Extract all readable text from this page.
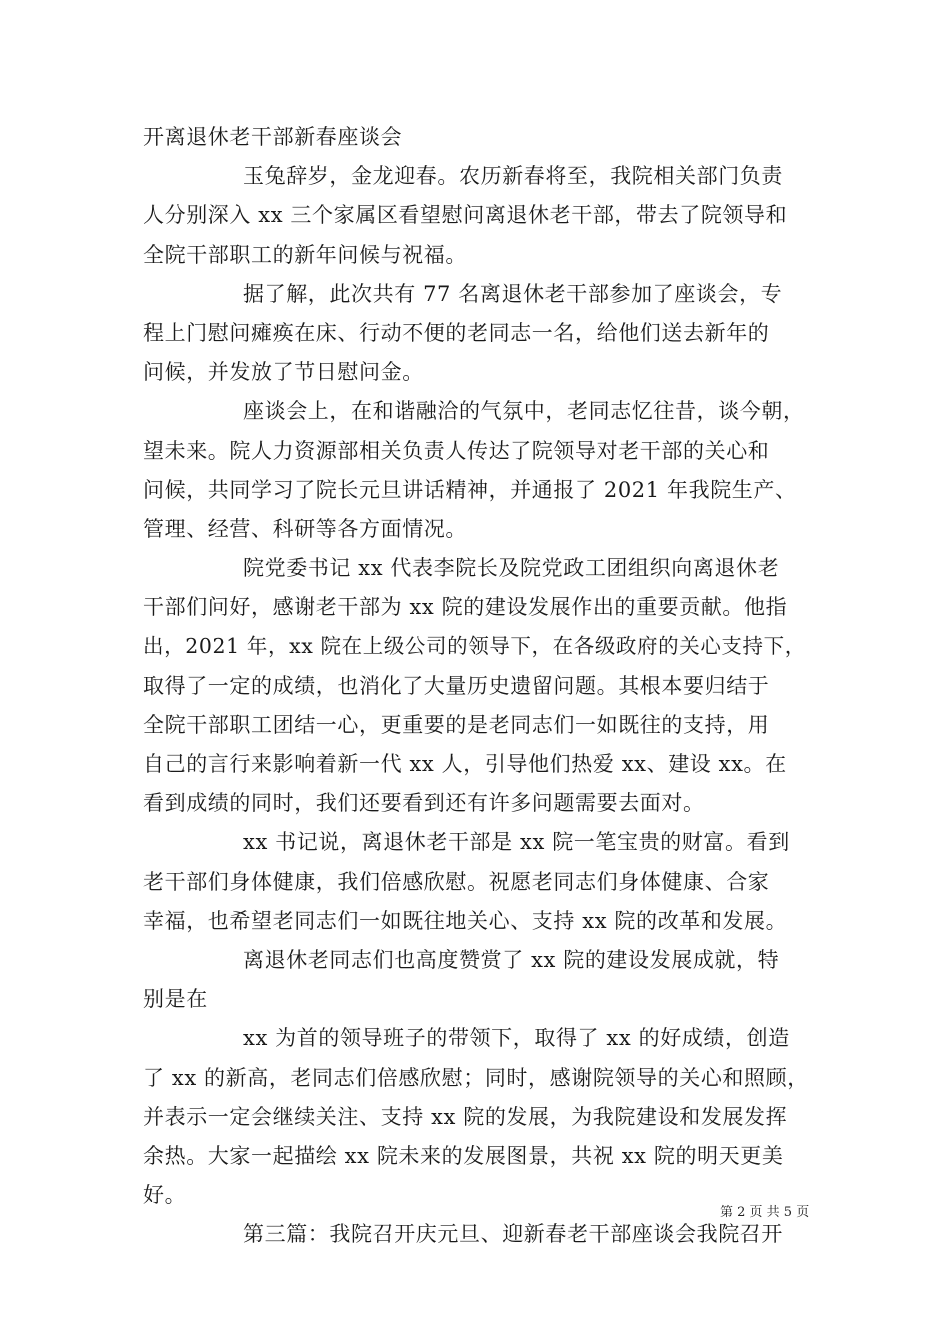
开离退休老干部新春座谈会
玉兔辞岁，金龙迎春。农历新春将至，我院相关部门负责
人分别深入 xx 三个家属区看望慰问离退休老干部，带去了院领导和
全院干部职工的新年问候与祝福。
据了解，此次共有 77 名离退休老干部参加了座谈会，专
程上门慰问瘫痪在床、行动不便的老同志一名，给他们送去新年的
问候，并发放了节日慰问金。
座谈会上，在和谐融洽的气氛中，老同志忆往昔，谈今朝，
望未来。院人力资源部相关负责人传达了院领导对老干部的关心和
问候，共同学习了院长元旦讲话精神，并通报了 2021 年我院生产、
管理、经营、科研等各方面情况。
院党委书记 xx 代表李院长及院党政工团组织向离退休老
干部们问好，感谢老干部为 xx 院的建设发展作出的重要贡献。他指
出，2021 年，xx 院在上级公司的领导下，在各级政府的关心支持下，
取得了一定的成绩，也消化了大量历史遗留问题。其根本要归结于
全院干部职工团结一心，更重要的是老同志们一如既往的支持，用
自己的言行来影响着新一代 xx 人，引导他们热爱 xx、建设 xx。在
看到成绩的同时，我们还要看到还有许多问题需要去面对。
xx 书记说，离退休老干部是 xx 院一笔宝贵的财富。看到
老干部们身体健康，我们倍感欣慰。祝愿老同志们身体健康、合家
幸福，也希望老同志们一如既往地关心、支持 xx 院的改革和发展。
离退休老同志们也高度赞赏了 xx 院的建设发展成就，特
别是在
xx 为首的领导班子的带领下，取得了 xx 的好成绩，创造
了 xx 的新高，老同志们倍感欣慰；同时，感谢院领导的关心和照顾，
并表示一定会继续关注、支持 xx 院的发展，为我院建设和发展发挥
余热。大家一起描绘 xx 院未来的发展图景，共祝 xx 院的明天更美
好。
第三篇：我院召开庆元旦、迎新春老干部座谈会我院召开
第 2 页 共 5 页
